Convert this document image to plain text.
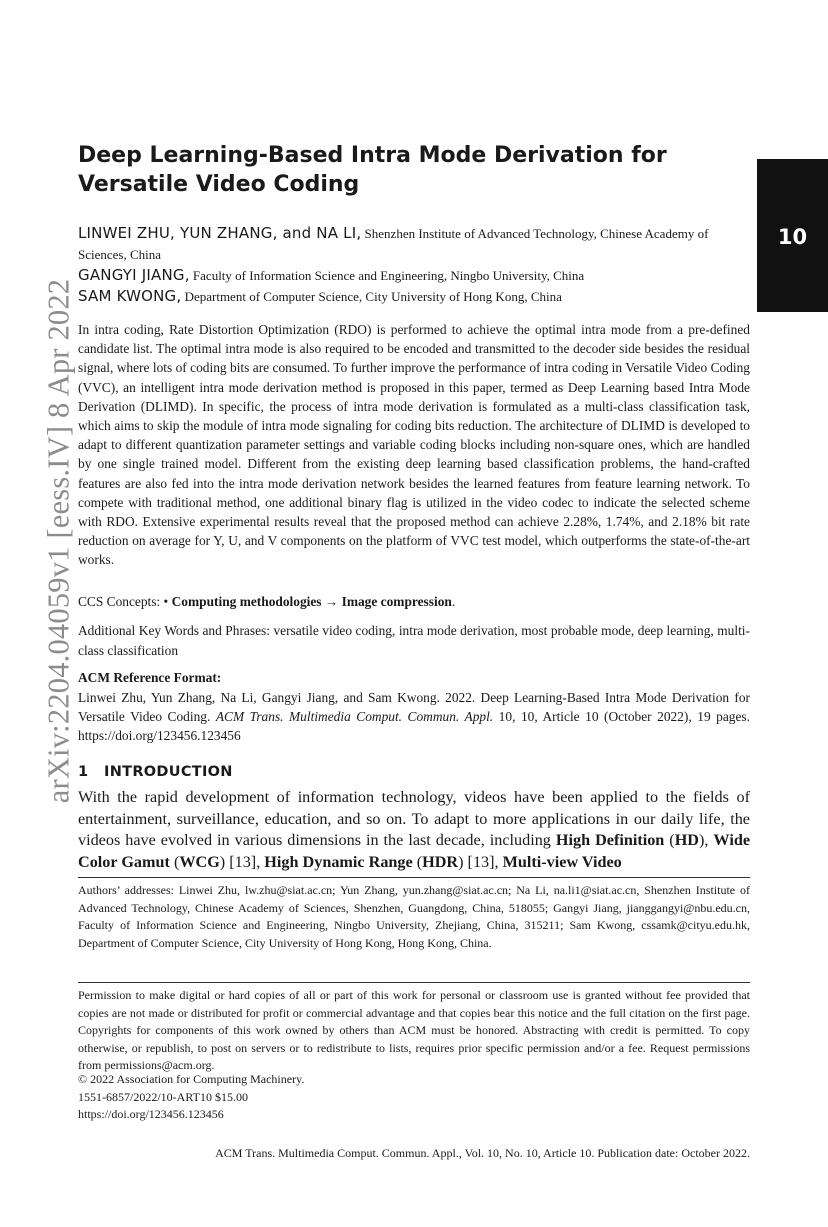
arXiv:2204.04059v1 [eess.IV] 8 Apr 2022
10
Deep Learning-Based Intra Mode Derivation for Versatile Video Coding
LINWEI ZHU, YUN ZHANG, and NA LI, Shenzhen Institute of Advanced Technology, Chinese Academy of Sciences, China
GANGYI JIANG, Faculty of Information Science and Engineering, Ningbo University, China
SAM KWONG, Department of Computer Science, City University of Hong Kong, China
In intra coding, Rate Distortion Optimization (RDO) is performed to achieve the optimal intra mode from a pre-defined candidate list. The optimal intra mode is also required to be encoded and transmitted to the decoder side besides the residual signal, where lots of coding bits are consumed. To further improve the performance of intra coding in Versatile Video Coding (VVC), an intelligent intra mode derivation method is proposed in this paper, termed as Deep Learning based Intra Mode Derivation (DLIMD). In specific, the process of intra mode derivation is formulated as a multi-class classification task, which aims to skip the module of intra mode signaling for coding bits reduction. The architecture of DLIMD is developed to adapt to different quantization parameter settings and variable coding blocks including non-square ones, which are handled by one single trained model. Different from the existing deep learning based classification problems, the hand-crafted features are also fed into the intra mode derivation network besides the learned features from feature learning network. To compete with traditional method, one additional binary flag is utilized in the video codec to indicate the selected scheme with RDO. Extensive experimental results reveal that the proposed method can achieve 2.28%, 1.74%, and 2.18% bit rate reduction on average for Y, U, and V components on the platform of VVC test model, which outperforms the state-of-the-art works.
CCS Concepts: • Computing methodologies → Image compression.
Additional Key Words and Phrases: versatile video coding, intra mode derivation, most probable mode, deep learning, multi-class classification
ACM Reference Format:
Linwei Zhu, Yun Zhang, Na Li, Gangyi Jiang, and Sam Kwong. 2022. Deep Learning-Based Intra Mode Derivation for Versatile Video Coding. ACM Trans. Multimedia Comput. Commun. Appl. 10, 10, Article 10 (October 2022), 19 pages. https://doi.org/123456.123456
1 INTRODUCTION
With the rapid development of information technology, videos have been applied to the fields of entertainment, surveillance, education, and so on. To adapt to more applications in our daily life, the videos have evolved in various dimensions in the last decade, including High Definition (HD), Wide Color Gamut (WCG) [13], High Dynamic Range (HDR) [13], Multi-view Video
Authors’ addresses: Linwei Zhu, lw.zhu@siat.ac.cn; Yun Zhang, yun.zhang@siat.ac.cn; Na Li, na.li1@siat.ac.cn, Shenzhen Institute of Advanced Technology, Chinese Academy of Sciences, Shenzhen, Guangdong, China, 518055; Gangyi Jiang, jianggangyi@nbu.edu.cn, Faculty of Information Science and Engineering, Ningbo University, Zhejiang, China, 315211; Sam Kwong, cssamk@cityu.edu.hk, Department of Computer Science, City University of Hong Kong, Hong Kong, China.
Permission to make digital or hard copies of all or part of this work for personal or classroom use is granted without fee provided that copies are not made or distributed for profit or commercial advantage and that copies bear this notice and the full citation on the first page. Copyrights for components of this work owned by others than ACM must be honored. Abstracting with credit is permitted. To copy otherwise, or republish, to post on servers or to redistribute to lists, requires prior specific permission and/or a fee. Request permissions from permissions@acm.org.
© 2022 Association for Computing Machinery.
1551-6857/2022/10-ART10 $15.00
https://doi.org/123456.123456
ACM Trans. Multimedia Comput. Commun. Appl., Vol. 10, No. 10, Article 10. Publication date: October 2022.
